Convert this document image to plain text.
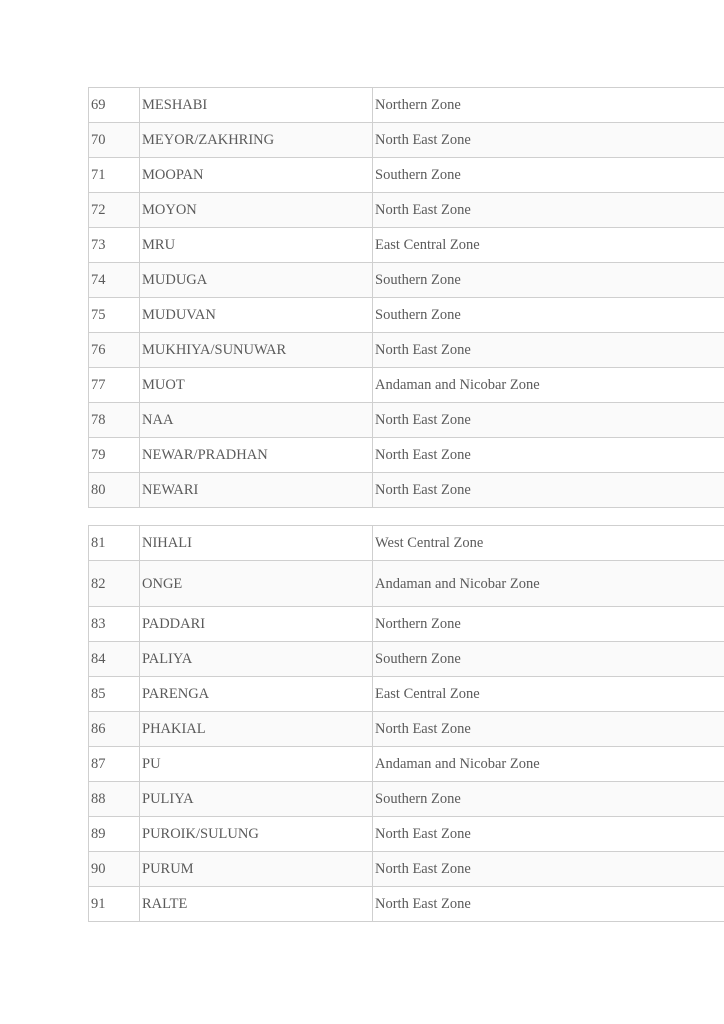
69	MESHABI	Northern Zone
70	MEYOR/ZAKHRING	North East Zone
71	MOOPAN	Southern Zone
72	MOYON	North East Zone
73	MRU	East Central Zone
74	MUDUGA	Southern Zone
75	MUDUVAN	Southern Zone
76	MUKHIYA/SUNUWAR	North East Zone
77	MUOT	Andaman and Nicobar Zone
78	NAA	North East Zone
79	NEWAR/PRADHAN	North East Zone
80	NEWARI	North East Zone
81	NIHALI	West Central Zone
82	ONGE	Andaman and Nicobar Zone
83	PADDARI	Northern Zone
84	PALIYA	Southern Zone
85	PARENGA	East Central Zone
86	PHAKIAL	North East Zone
87	PU	Andaman and Nicobar Zone
88	PULIYA	Southern Zone
89	PUROIK/SULUNG	North East Zone
90	PURUM	North East Zone
91	RALTE	North East Zone
